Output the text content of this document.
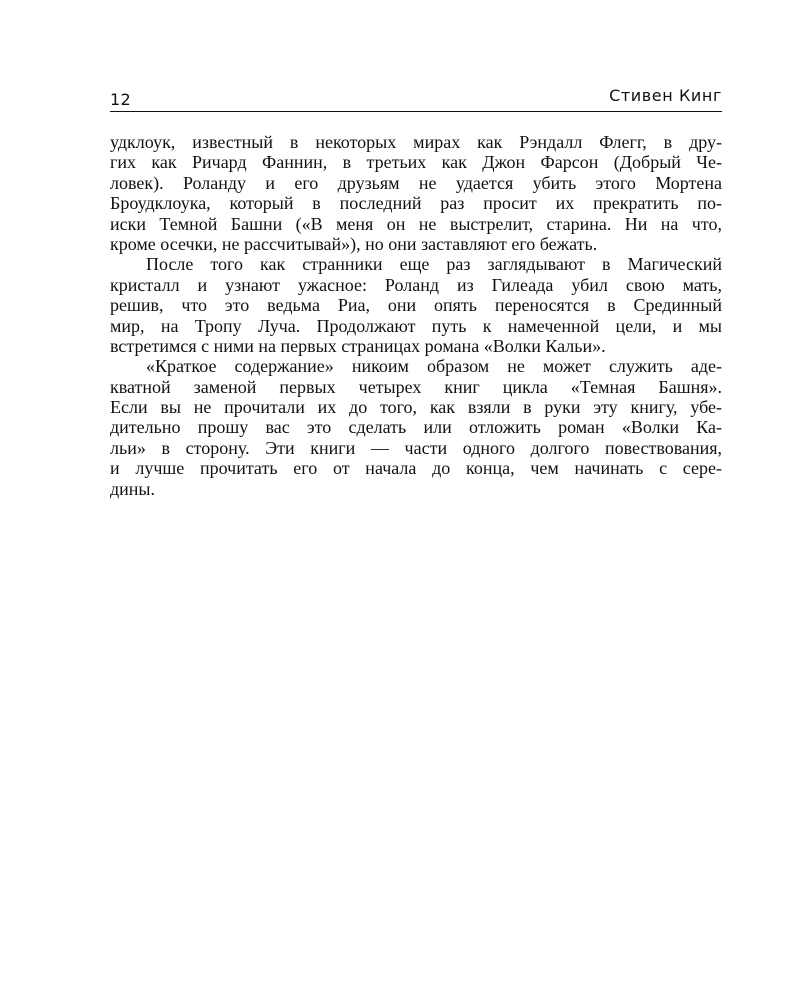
12	Стивен Кинг
удклоук, известный в некоторых мирах как Рэндалл Флегг, в дру-
гих как Ричард Фаннин, в третьих как Джон Фарсон (Добрый Че-
ловек). Роланду и его друзьям не удается убить этого Мортена
Броудклоука, который в последний раз просит их прекратить по-
иски Темной Башни («В меня он не выстрелит, старина. Ни на что,
кроме осечки, не рассчитывай»), но они заставляют его бежать.
После того как странники еще раз заглядывают в Магический
кристалл и узнают ужасное: Роланд из Гилеада убил свою мать,
решив, что это ведьма Риа, они опять переносятся в Срединный
мир, на Тропу Луча. Продолжают путь к намеченной цели, и мы
встретимся с ними на первых страницах романа «Волки Кальи».
«Краткое содержание» никоим образом не может служить аде-
кватной заменой первых четырех книг цикла «Темная Башня».
Если вы не прочитали их до того, как взяли в руки эту книгу, убе-
дительно прошу вас это сделать или отложить роман «Волки Ка-
льи» в сторону. Эти книги — части одного долгого повествования,
и лучше прочитать его от начала до конца, чем начинать с сере-
дины.
